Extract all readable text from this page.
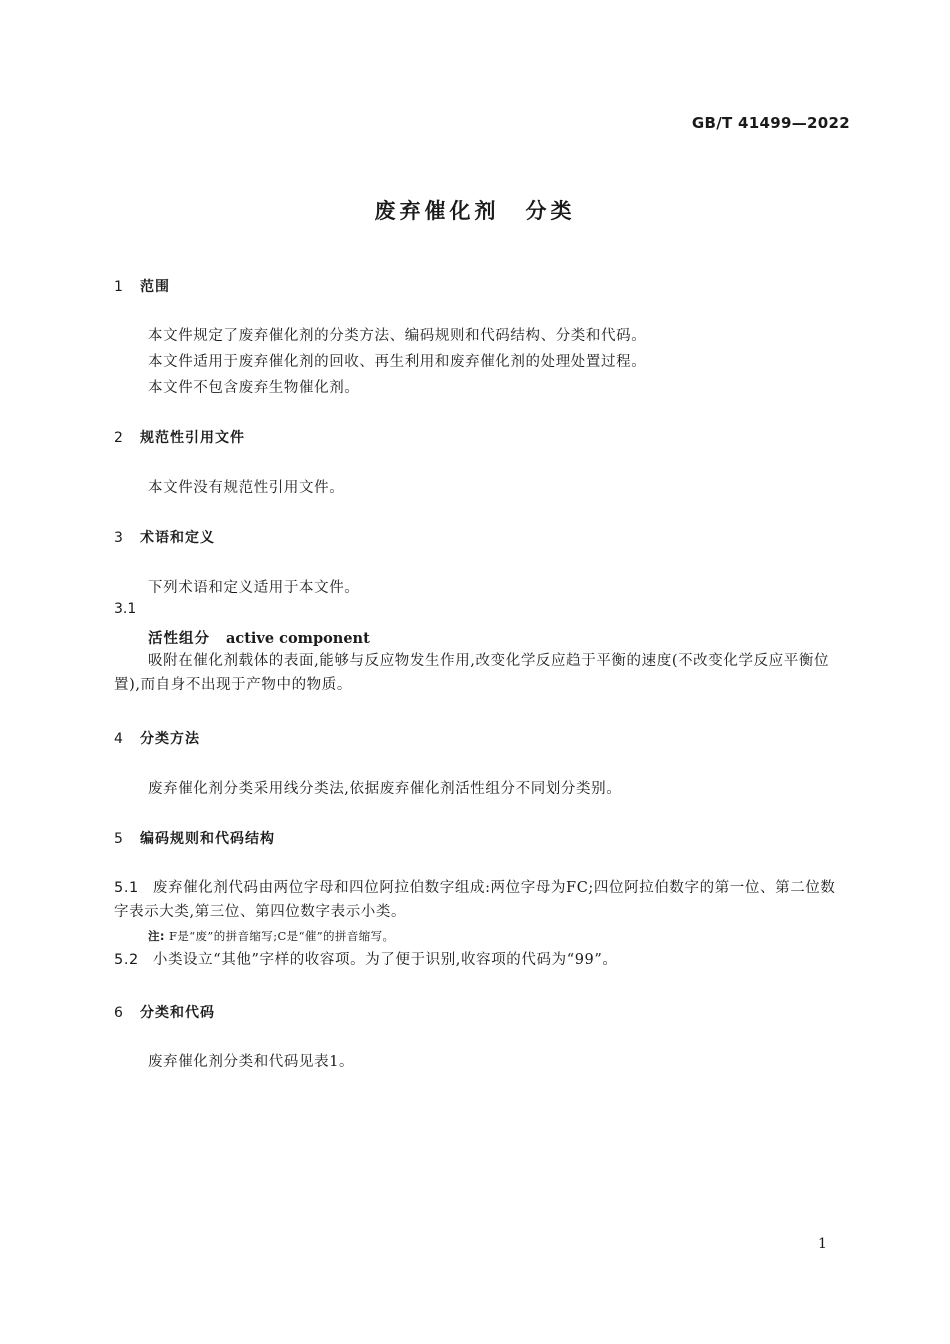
GB/T 41499—2022
废弃催化剂 分类
1 范围
本文件规定了废弃催化剂的分类方法、编码规则和代码结构、分类和代码。
本文件适用于废弃催化剂的回收、再生利用和废弃催化剂的处理处置过程。
本文件不包含废弃生物催化剂。
2 规范性引用文件
本文件没有规范性引用文件。
3 术语和定义
下列术语和定义适用于本文件。
3.1
活性组分 active component
吸附在催化剂载体的表面,能够与反应物发生作用,改变化学反应趋于平衡的速度(不改变化学反应平衡位置),而自身不出现于产物中的物质。
4 分类方法
废弃催化剂分类采用线分类法,依据废弃催化剂活性组分不同划分类别。
5 编码规则和代码结构
5.1 废弃催化剂代码由两位字母和四位阿拉伯数字组成:两位字母为FC;四位阿拉伯数字的第一位、第二位数字表示大类,第三位、第四位数字表示小类。
注: F是“废”的拼音缩写;C是“催”的拼音缩写。
5.2 小类设立“其他”字样的收容项。为了便于识别,收容项的代码为“99”。
6 分类和代码
废弃催化剂分类和代码见表1。
1
